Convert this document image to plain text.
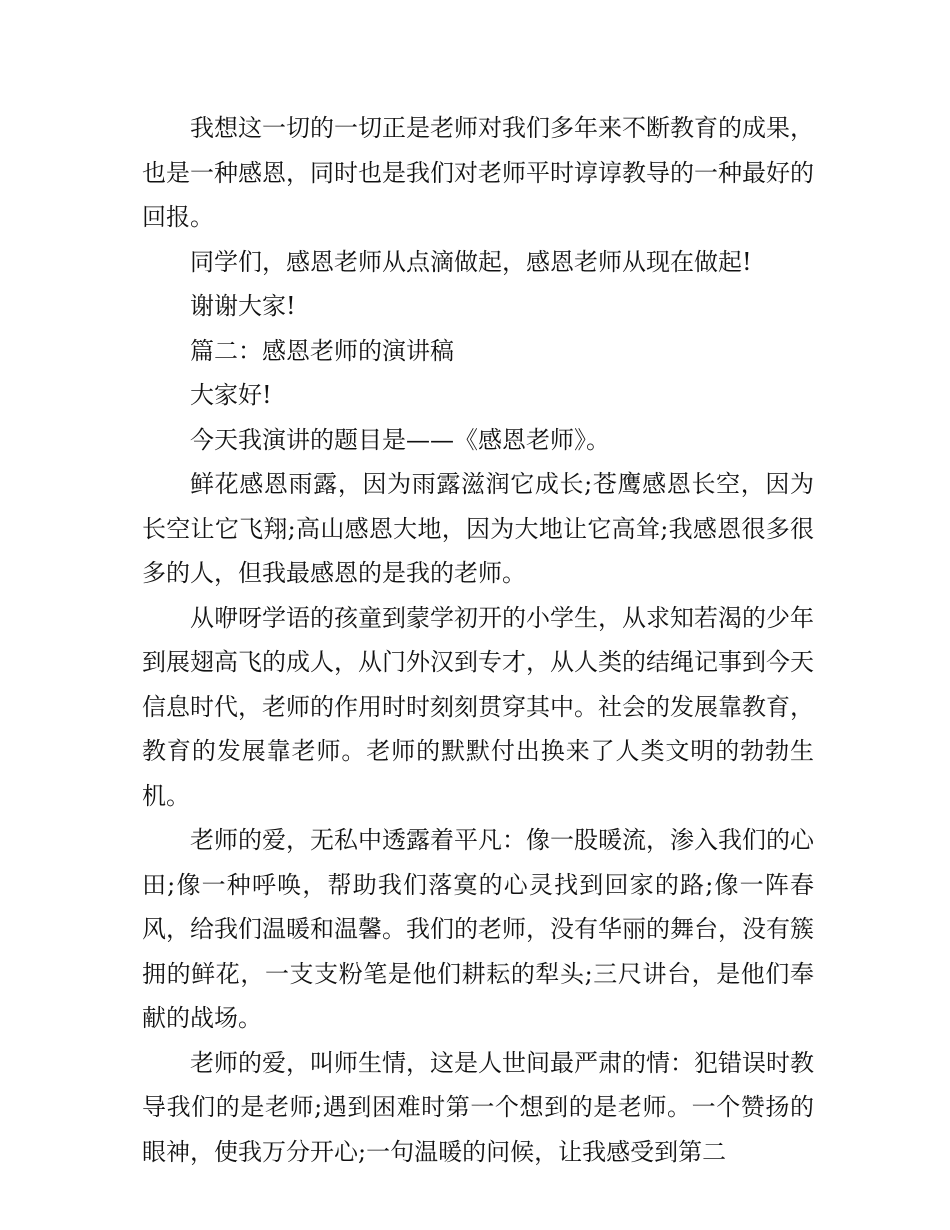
我想这一切的一切正是老师对我们多年来不断教育的成果，也是一种感恩，同时也是我们对老师平时谆谆教导的一种最好的回报。

同学们，感恩老师从点滴做起，感恩老师从现在做起!

谢谢大家!

篇二：感恩老师的演讲稿

大家好!

今天我演讲的题目是——《感恩老师》。

鲜花感恩雨露，因为雨露滋润它成长;苍鹰感恩长空，因为长空让它飞翔;高山感恩大地，因为大地让它高耸;我感恩很多很多的人，但我最感恩的是我的老师。

从咿呀学语的孩童到蒙学初开的小学生，从求知若渴的少年到展翅高飞的成人，从门外汉到专才，从人类的结绳记事到今天信息时代，老师的作用时时刻刻贯穿其中。社会的发展靠教育，教育的发展靠老师。老师的默默付出换来了人类文明的勃勃生机。

老师的爱，无私中透露着平凡：像一股暖流，渗入我们的心田;像一种呼唤，帮助我们落寞的心灵找到回家的路;像一阵春风，给我们温暖和温馨。我们的老师，没有华丽的舞台，没有簇拥的鲜花，一支支粉笔是他们耕耘的犁头;三尺讲台，是他们奉献的战场。

老师的爱，叫师生情，这是人世间最严肃的情：犯错误时教导我们的是老师;遇到困难时第一个想到的是老师。一个赞扬的眼神，使我万分开心;一句温暖的问候，让我感受到第二
